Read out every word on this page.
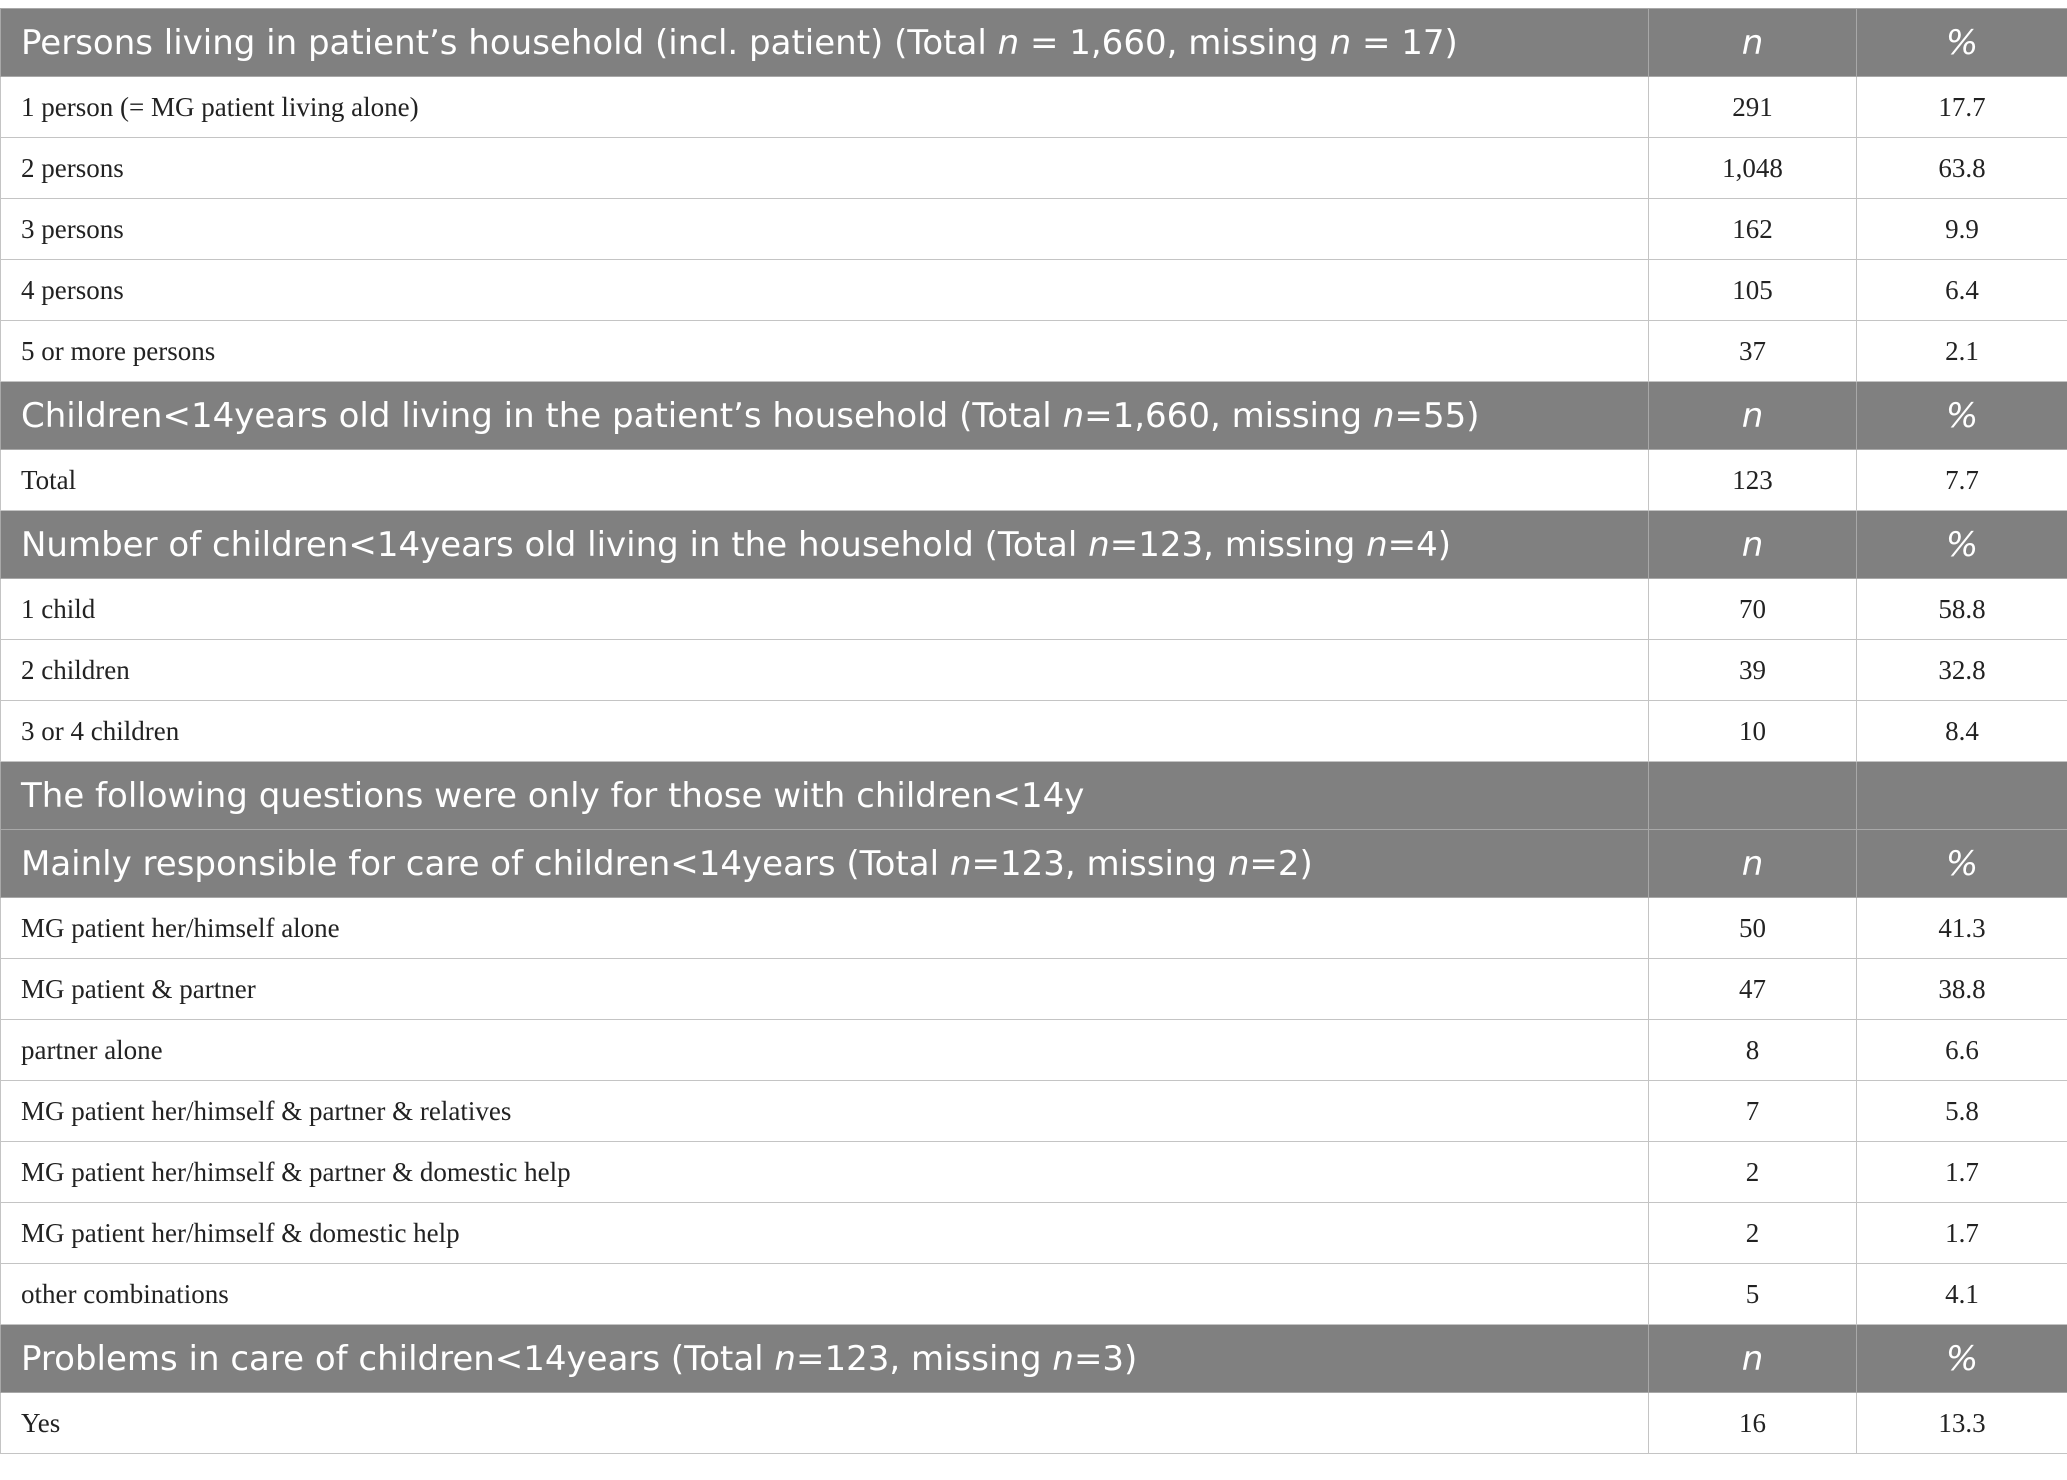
Persons living in patient’s household (incl. patient) (Total n = 1,660, missing n = 17)	n	%
1 person (= MG patient living alone)	291	17.7
2 persons	1,048	63.8
3 persons	162	9.9
4 persons	105	6.4
5 or more persons	37	2.1
Children<14years old living in the patient’s household (Total n=1,660, missing n=55)	n	%
Total	123	7.7
Number of children<14years old living in the household (Total n=123, missing n=4)	n	%
1 child	70	58.8
2 children	39	32.8
3 or 4 children	10	8.4
The following questions were only for those with children<14y		
Mainly responsible for care of children<14years (Total n=123, missing n=2)	n	%
MG patient her/himself alone	50	41.3
MG patient & partner	47	38.8
partner alone	8	6.6
MG patient her/himself & partner & relatives	7	5.8
MG patient her/himself & partner & domestic help	2	1.7
MG patient her/himself & domestic help	2	1.7
other combinations	5	4.1
Problems in care of children<14years (Total n=123, missing n=3)	n	%
Yes	16	13.3
